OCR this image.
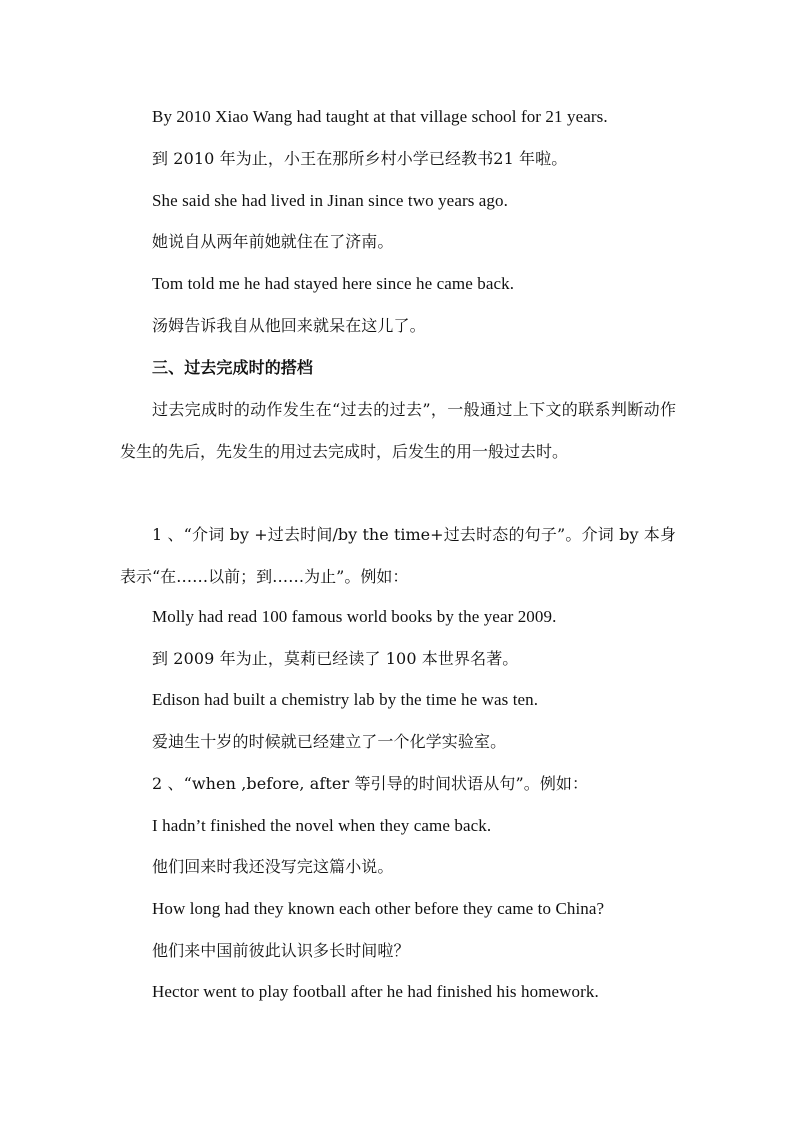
By 2010 Xiao Wang had taught at that village school for 21 years.
到 2010 年为止，小王在那所乡村小学已经教书21 年啦。
She said she had lived in Jinan since two years ago.
她说自从两年前她就住在了济南。
Tom told me he had stayed here since he came back.
汤姆告诉我自从他回来就呆在这儿了。
三、过去完成时的搭档
过去完成时的动作发生在“过去的过去”，一般通过上下文的联系判断动作发生的先后，先发生的用过去完成时，后发生的用一般过去时。
1 、“介词 by +过去时间/by the time+过去时态的句子”。介词 by 本身表示“在……以前；到……为止”。例如：
Molly had read 100 famous world books by the year 2009.
到 2009 年为止，莫莉已经读了 100 本世界名著。
Edison had built a chemistry lab by the time he was ten.
爱迪生十岁的时候就已经建立了一个化学实验室。
2 、“when ,before, after 等引导的时间状语从句”。例如：
I hadn’t finished the novel when they came back.
他们回来时我还没写完这篇小说。
How long had they known each other before they came to China?
他们来中国前彼此认识多长时间啦？
Hector went to play football after he had finished his homework.
